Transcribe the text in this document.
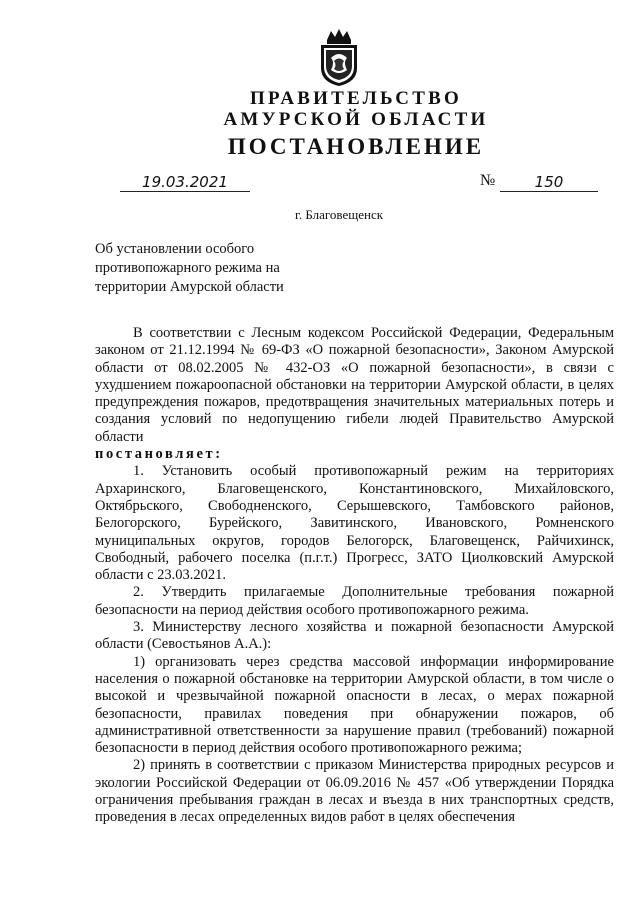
ПРАВИТЕЛЬСТВО
АМУРСКОЙ ОБЛАСТИ
ПОСТАНОВЛЕНИЕ
19.03.2021	№	150
г. Благовещенск
Об установлении особого
противопожарного режима на
территории Амурской области

В соответствии с Лесным кодексом Российской Федерации, Федеральным законом от 21.12.1994 № 69-ФЗ «О пожарной безопасности», Законом Амурской области от 08.02.2005 № 432-ОЗ «О пожарной безопасности», в связи с ухудшением пожароопасной обстановки на территории Амурской области, в целях предупреждения пожаров, предотвращения значительных материальных потерь и создания условий по недопущению гибели людей Правительство Амурской области

постановляет:

1. Установить особый противопожарный режим на территориях Архаринского, Благовещенского, Константиновского, Михайловского, Октябрьского, Свободненского, Серышевского, Тамбовского районов, Белогорского, Бурейского, Завитинского, Ивановского, Ромненского муниципальных округов, городов Белогорск, Благовещенск, Райчихинск, Свободный, рабочего поселка (п.г.т.) Прогресс, ЗАТО Циолковский Амурской области с 23.03.2021.

2. Утвердить прилагаемые Дополнительные требования пожарной безопасности на период действия особого противопожарного режима.

3. Министерству лесного хозяйства и пожарной безопасности Амурской области (Севостьянов А.А.):

1) организовать через средства массовой информации информирование населения о пожарной обстановке на территории Амурской области, в том числе о высокой и чрезвычайной пожарной опасности в лесах, о мерах пожарной безопасности, правилах поведения при обнаружении пожаров, об административной ответственности за нарушение правил (требований) пожарной безопасности в период действия особого противопожарного режима;

2) принять в соответствии с приказом Министерства природных ресурсов и экологии Российской Федерации от 06.09.2016 № 457 «Об утверждении Порядка ограничения пребывания граждан в лесах и въезда в них транспортных средств, проведения в лесах определенных видов работ в целях обеспечения
